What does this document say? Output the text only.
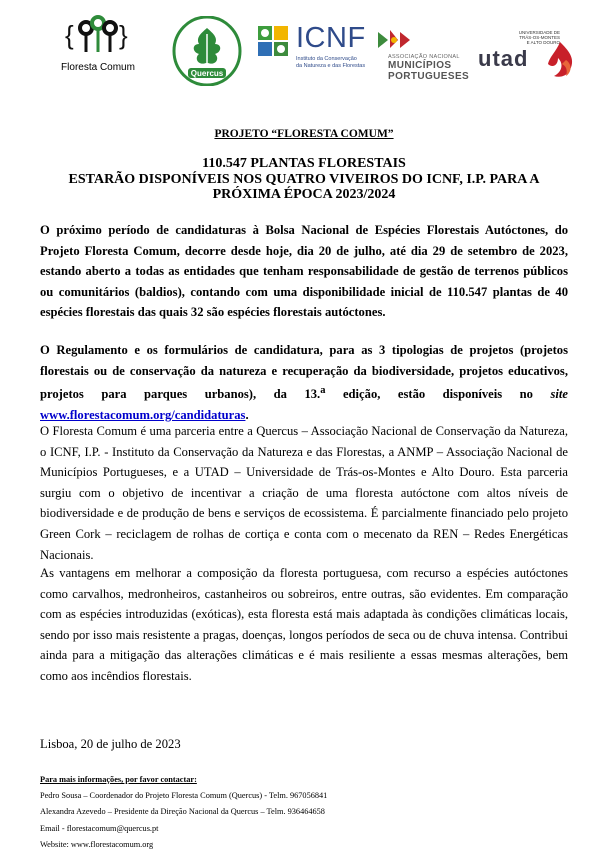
{ }
Floresta Comum
Quercus
ICNF
Instituto da Conservação
da Natureza e das Florestas
ASSOCIAÇÃO NACIONAL
MUNICÍPIOS
PORTUGUESES
UNIVERSIDADE DE
TRÁS-OS-MONTES
E ALTO DOURO
utad
PROJETO “FLORESTA COMUM”
110.547 PLANTAS FLORESTAIS
ESTARÃO DISPONÍVEIS NOS QUATRO VIVEIROS DO ICNF, I.P. PARA A
PRÓXIMA ÉPOCA 2023/2024
O próximo período de candidaturas à Bolsa Nacional de Espécies Florestais Autóctones, do Projeto Floresta Comum, decorre desde hoje, dia 20 de julho, até dia 29 de setembro de 2023, estando aberto a todas as entidades que tenham responsabilidade de gestão de terrenos públicos ou comunitários (baldios), contando com uma disponibilidade inicial de 110.547 plantas de 40 espécies florestais das quais 32 são espécies florestais autóctones.
O Regulamento e os formulários de candidatura, para as 3 tipologias de projetos (projetos florestais ou de conservação da natureza e recuperação da biodiversidade, projetos educativos, projetos para parques urbanos), da 13.$^a$ edição, estão disponíveis no site www.florestacomum.org/candidaturas.
O Floresta Comum é uma parceria entre a Quercus – Associação Nacional de Conservação da Natureza, o ICNF, I.P. - Instituto da Conservação da Natureza e das Florestas, a ANMP – Associação Nacional de Municípios Portugueses, e a UTAD – Universidade de Trás-os-Montes e Alto Douro. Esta parceria surgiu com o objetivo de incentivar a criação de uma floresta autóctone com altos níveis de biodiversidade e de produção de bens e serviços de ecossistema. É parcialmente financiado pelo projeto Green Cork – reciclagem de rolhas de cortiça e conta com o mecenato da REN – Redes Energéticas Nacionais.
As vantagens em melhorar a composição da floresta portuguesa, com recurso a espécies autóctones como carvalhos, medronheiros, castanheiros ou sobreiros, entre outras, são evidentes. Em comparação com as espécies introduzidas (exóticas), esta floresta está mais adaptada às condições climáticas locais, sendo por isso mais resistente a pragas, doenças, longos períodos de seca ou de chuva intensa. Contribui ainda para a mitigação das alterações climáticas e é mais resiliente a essas mesmas alterações, bem como aos incêndios florestais.
Lisboa, 20 de julho de 2023
Para mais informações, por favor contactar:
Pedro Sousa – Coordenador do Projeto Floresta Comum (Quercus) - Telm. 967056841
Alexandra Azevedo – Presidente da Direção Nacional da Quercus – Telm. 936464658
Email - florestacomum@quercus.pt
Website: www.florestacomum.org
